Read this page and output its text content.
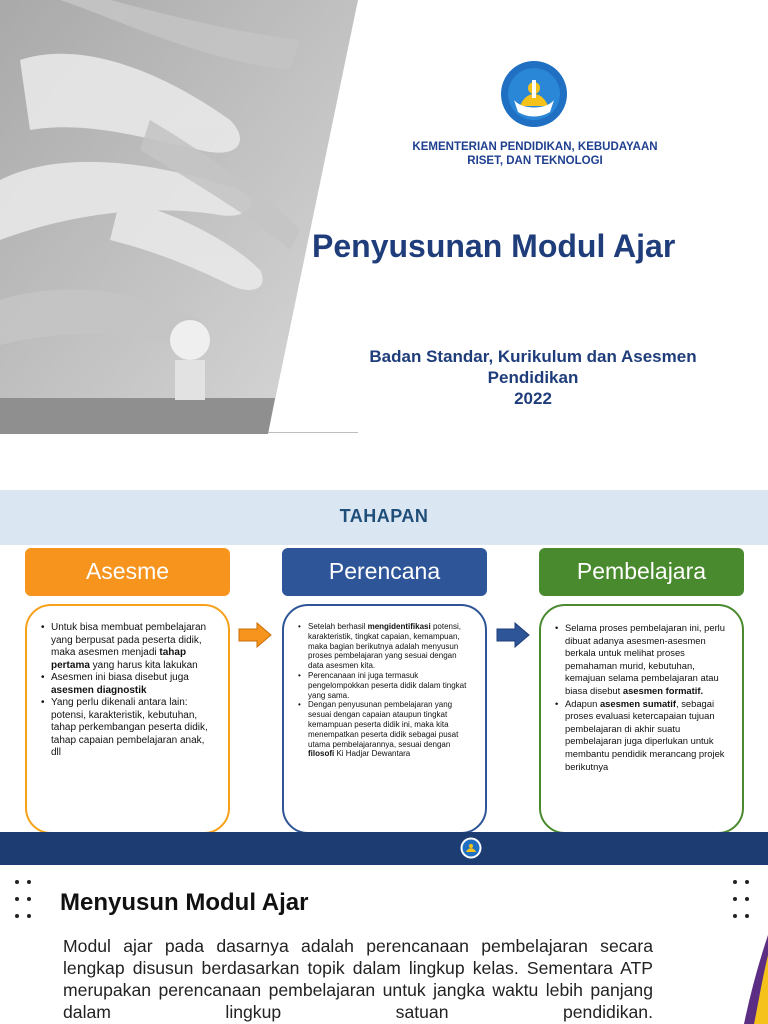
KEMENTERIAN PENDIDIKAN, KEBUDAYAAN
RISET, DAN TEKNOLOGI
Penyusunan Modul Ajar
Badan Standar, Kurikulum dan Asesmen
Pendidikan
2022
TAHAPAN
Asesme	Perencana	Pembelajara
• Untuk bisa membuat pembelajaran yang berpusat pada peserta didik, maka asesmen menjadi tahap pertama yang harus kita lakukan
• Asesmen ini biasa disebut juga asesmen diagnostik
• Yang perlu dikenali antara lain: potensi, karakteristik, kebutuhan, tahap perkembangan peserta didik, tahap capaian pembelajaran anak, dll
• Setelah berhasil mengidentifikasi potensi, karakteristik, tingkat capaian, kemampuan, maka bagian berikutnya adalah menyusun proses pembelajaran yang sesuai dengan data asesmen kita.
• Perencanaan ini juga termasuk pengelompokkan peserta didik dalam tingkat yang sama.
• Dengan penyusunan pembelajaran yang sesuai dengan capaian ataupun tingkat kemampuan peserta didik ini, maka kita menempatkan peserta didik sebagai pusat utama pembelajarannya, sesuai dengan filosofi Ki Hadjar Dewantara
• Selama proses pembelajaran ini, perlu dibuat adanya asesmen-asesmen berkala untuk melihat proses pemahaman murid, kebutuhan, kemajuan selama pembelajaran atau biasa disebut asesmen formatif.
• Adapun asesmen sumatif, sebagai proses evaluasi ketercapaian tujuan pembelajaran di akhir suatu pembelajaran juga diperlukan untuk membantu pendidik merancang projek berikutnya
Menyusun Modul Ajar

Modul ajar pada dasarnya adalah perencanaan pembelajaran secara lengkap disusun berdasarkan topik dalam lingkup kelas. Sementara ATP merupakan perencanaan pembelajaran untuk jangka waktu lebih panjang dalam lingkup satuan pendidikan.
